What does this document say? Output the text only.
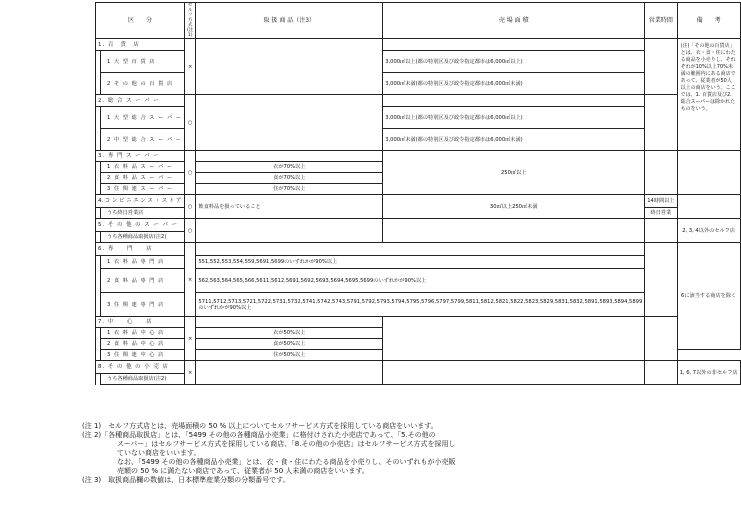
区　　分		セルフ方式(注1)	取 扱 商 品（注3）	売 場 面 積	営業時間	備　　考
1. 百　貨　店		×				(注)「その他の百貨店」とは、衣・食・住にわたる商品を小売りし、それぞれが10%以上70%未満の範囲内にある商店であって、従業者が50人以上の商店をいう。ここでは、1. 百貨店及び2. 総合スーパーは除かれたものをいう。
	1 大 型 百 貨 店			3,000㎡以上(都の特別区及び政令指定都市は6,000㎡以上)		
	2 そ の 他 の 百 貨 店			3,000㎡未満(都の特別区及び政令指定都市は6,000㎡未満)		
2. 総 合 ス ー パ ー		○				
	1 大 型 総 合 ス ー パ ー			3,000㎡以上(都の特別区及び政令指定都市は6,000㎡以上)		
	2 中 型 総 合 ス ー パ ー			3,000㎡未満(都の特別区及び政令指定都市は6,000㎡未満)		
3. 専 門 ス ー パ ー		○		250㎡以上		
	1 衣 料 品 ス ー パ ー		衣が70%以上			
	2 食 料 品 ス ー パ ー		食が70%以上			
	3 住 関 連 ス ー パ ー		住が70%以上			
4. コ ン ビ ニ エ ン ス ・ ス ト ア		○	飲食料品を扱っていること	30㎡以上250㎡未満	14時間以上	
	うち終日営業店				終日営業	
5. そ の 他 の ス ー パ ー		○				2, 3, 4以外のセルフ店
	うち各種商品取扱店(注2)					
6. 専　　門　　店		×				6に該当する商店を除く
	1 衣 料 品 専 門 店		551,552,553,554,559,5691,5699のいずれかが90%以上			
	2 食 料 品 専 門 店		562,563,564,565,566,5611,5612,5691,5692,5693,5694,5695,5699のいずれかが90%以上			
	3 住 関 連 専 門 店		5711,5712,5713,5721,5722,5731,5732,5741,5742,5743,5791,5792,5793,5794,5795,5796,5797,5799,5811,5812,5821,5822,5823,5829,5831,5832,5891,5893,5894,5899のいずれかが90%以上			
7. 中　　心　　店		×				
	1 衣 料 品 中 心 店		衣が50%以上			
	2 食 料 品 中 心 店		食が50%以上			
	3 住 関 連 中 心 店		住が50%以上			
8. そ の 他 の 小 売 店		×				1, 6, 7以外の非セルフ店
	うち各種商品取扱店(注2)					

(注 1)　セルフ方式店とは、売場面積の 50 % 以上についてセルフサービス方式を採用している商店をいいます。

(注 2)「各種商品取扱店」とは、「5499 その他の各種商品小売業」に格付けされた小売店であって、「5.その他の

スーパー」はセルフサービス方式を採用している商店、「8.その他の小売店」はセルフサービス方式を採用し

ていない商店をいいます。

なお、「5499 その他の各種商品小売業」とは、衣・食・住にわたる商品を小売りし、そのいずれもが小売販

売額の 50 % に満たない商店であって、従業者が 50 人未満の商店をいいます。

(注 3)　取扱商品欄の数値は、日本標準産業分類の分類番号です。
